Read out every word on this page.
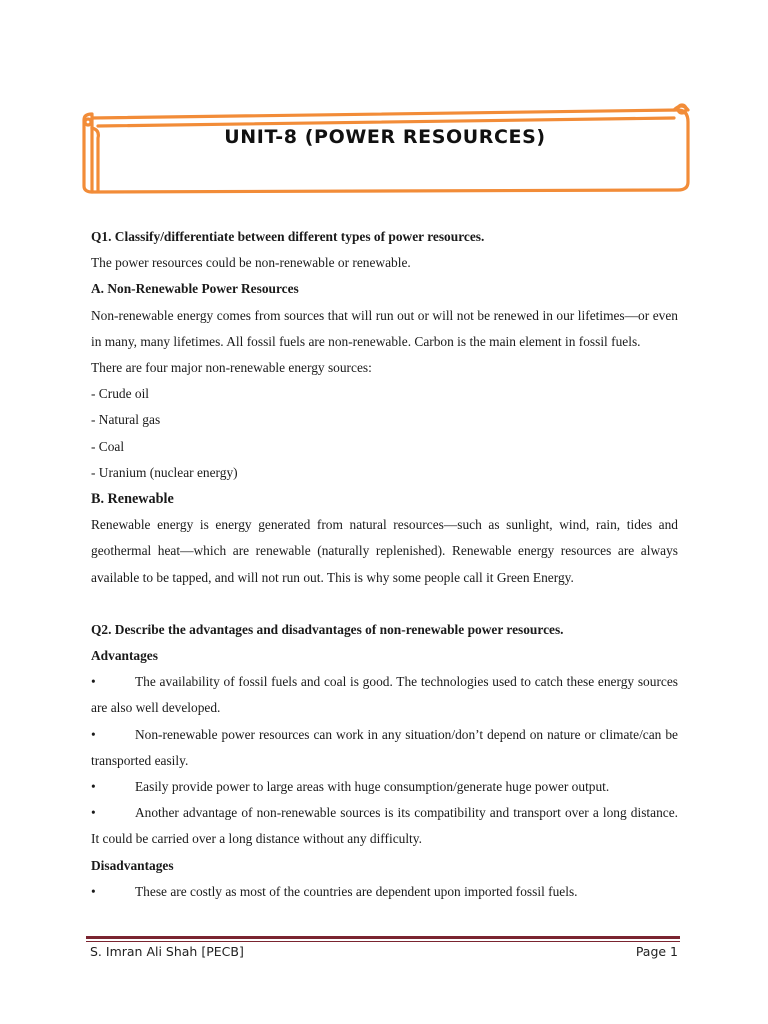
UNIT-8 (POWER RESOURCES)

Q1. Classify/differentiate between different types of power resources.

The power resources could be non-renewable or renewable.

A. Non-Renewable Power Resources

Non-renewable energy comes from sources that will run out or will not be renewed in our lifetimes—or even in many, many lifetimes. All fossil fuels are non-renewable. Carbon is the main element in fossil fuels.

There are four major non-renewable energy sources:

- Crude oil

- Natural gas

- Coal

- Uranium (nuclear energy)

B. Renewable

Renewable energy is energy generated from natural resources—such as sunlight, wind, rain, tides and geothermal heat—which are renewable (naturally replenished). Renewable energy resources are always available to be tapped, and will not run out. This is why some people call it Green Energy.

Q2. Describe the advantages and disadvantages of non-renewable power resources.

Advantages

•	The availability of fossil fuels and coal is good. The technologies used to catch these energy sources are also well developed.

•	Non-renewable power resources can work in any situation/don’t depend on nature or climate/can be transported easily.

•	Easily provide power to large areas with huge consumption/generate huge power output.

•	Another advantage of non-renewable sources is its compatibility and transport over a long distance. It could be carried over a long distance without any difficulty.

Disadvantages

•	These are costly as most of the countries are dependent upon imported fossil fuels.

S. Imran Ali Shah [PECB]	Page 1
